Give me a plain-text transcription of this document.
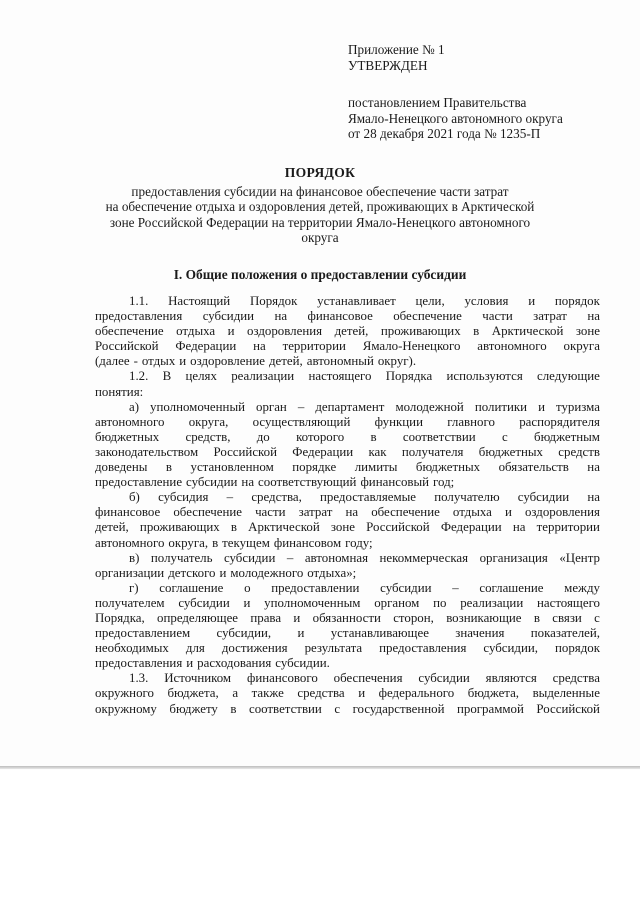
Приложение № 1
УТВЕРЖДЕН
постановлением Правительства
Ямало-Ненецкого автономного округа
от 28 декабря 2021 года № 1235-П
ПОРЯДОК
предоставления субсидии на финансовое обеспечение части затрат
на обеспечение отдыха и оздоровления детей, проживающих в Арктической
зоне Российской Федерации на территории Ямало-Ненецкого автономного
округа
I. Общие положения о предоставлении субсидии
1.1. Настоящий Порядок устанавливает цели, условия и порядок
предоставления субсидии на финансовое обеспечение части затрат на
обеспечение отдыха и оздоровления детей, проживающих в Арктической зоне
Российской Федерации на территории Ямало-Ненецкого автономного округа
(далее - отдых и оздоровление детей, автономный округ).
1.2. В целях реализации настоящего Порядка используются следующие
понятия:
а) уполномоченный орган – департамент молодежной политики и туризма
автономного округа, осуществляющий функции главного распорядителя
бюджетных средств, до которого в соответствии с бюджетным
законодательством Российской Федерации как получателя бюджетных средств
доведены в установленном порядке лимиты бюджетных обязательств на
предоставление субсидии на соответствующий финансовый год;
б) субсидия – средства, предоставляемые получателю субсидии на
финансовое обеспечение части затрат на обеспечение отдыха и оздоровления
детей, проживающих в Арктической зоне Российской Федерации на территории
автономного округа, в текущем финансовом году;
в) получатель субсидии – автономная некоммерческая организация «Центр
организации детского и молодежного отдыха»;
г) соглашение о предоставлении субсидии – соглашение между
получателем субсидии и уполномоченным органом по реализации настоящего
Порядка, определяющее права и обязанности сторон, возникающие в связи с
предоставлением субсидии, и устанавливающее значения показателей,
необходимых для достижения результата предоставления субсидии, порядок
предоставления и расходования субсидии.
1.3. Источником финансового обеспечения субсидии являются средства
окружного бюджета, а также средства и федерального бюджета, выделенные
окружному бюджету в соответствии с государственной программой Российской
